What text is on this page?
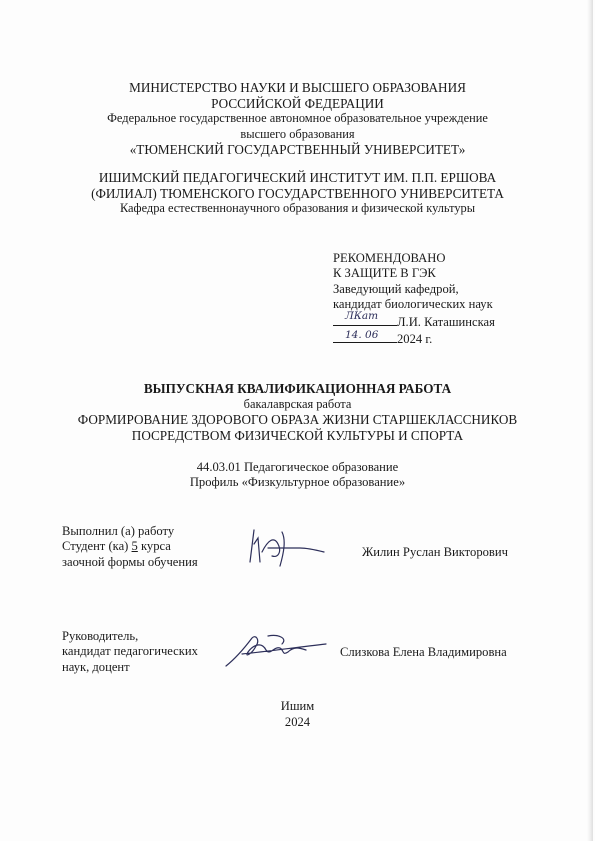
МИНИСТЕРСТВО НАУКИ И ВЫСШЕГО ОБРАЗОВАНИЯ
РОССИЙСКОЙ ФЕДЕРАЦИИ
Федеральное государственное автономное образовательное учреждение
высшего образования
«ТЮМЕНСКИЙ ГОСУДАРСТВЕННЫЙ УНИВЕРСИТЕТ»
ИШИМСКИЙ ПЕДАГОГИЧЕСКИЙ ИНСТИТУТ ИМ. П.П. ЕРШОВА
(ФИЛИАЛ) ТЮМЕНСКОГО ГОСУДАРСТВЕННОГО УНИВЕРСИТЕТА
Кафедра естественнонаучного образования и физической культуры
РЕКОМЕНДОВАНО
К ЗАЩИТЕ В ГЭК
Заведующий кафедрой,
кандидат биологических наук
ЛКат Л.И. Каташинская
14. 06 2024 г.
ВЫПУСКНАЯ КВАЛИФИКАЦИОННАЯ РАБОТА
бакалаврская работа
ФОРМИРОВАНИЕ ЗДОРОВОГО ОБРАЗА ЖИЗНИ СТАРШЕКЛАССНИКОВ
ПОСРЕДСТВОМ ФИЗИЧЕСКОЙ КУЛЬТУРЫ И СПОРТА
44.03.01 Педагогическое образование
Профиль «Физкультурное образование»
Выполнил (а) работу
Студент (ка) 5 курса
заочной формы обучения
Жилин Руслан Викторович
Руководитель,
кандидат педагогических
наук, доцент
Слизкова Елена Владимировна
Ишим
2024
